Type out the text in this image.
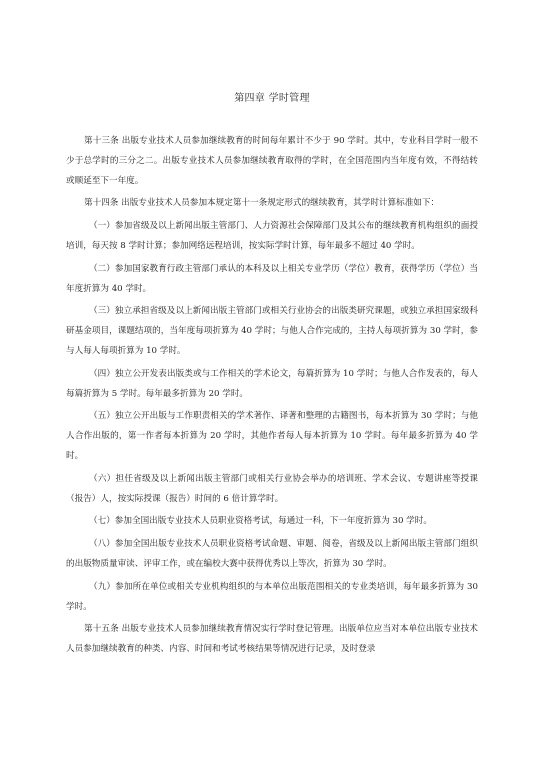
第四章 学时管理

第十三条 出版专业技术人员参加继续教育的时间每年累计不少于 90 学时。其中，专业科目学时一般不少于总学时的三分之二。出版专业技术人员参加继续教育取得的学时，在全国范围内当年度有效，不得结转或顺延至下一年度。

第十四条 出版专业技术人员参加本规定第十一条规定形式的继续教育，其学时计算标准如下：

（一）参加省级及以上新闻出版主管部门、人力资源社会保障部门及其公布的继续教育机构组织的面授培训，每天按 8 学时计算；参加网络远程培训，按实际学时计算，每年最多不超过 40 学时。

（二）参加国家教育行政主管部门承认的本科及以上相关专业学历（学位）教育，获得学历（学位）当年度折算为 40 学时。

（三）独立承担省级及以上新闻出版主管部门或相关行业协会的出版类研究课题，或独立承担国家级科研基金项目，课题结项的，当年度每项折算为 40 学时；与他人合作完成的，主持人每项折算为 30 学时，参与人每人每项折算为 10 学时。

（四）独立公开发表出版类或与工作相关的学术论文，每篇折算为 10 学时；与他人合作发表的，每人每篇折算为 5 学时。每年最多折算为 20 学时。

（五）独立公开出版与工作职责相关的学术著作、译著和整理的古籍图书，每本折算为 30 学时；与他人合作出版的，第一作者每本折算为 20 学时，其他作者每人每本折算为 10 学时。每年最多折算为 40 学时。

（六）担任省级及以上新闻出版主管部门或相关行业协会举办的培训班、学术会议、专题讲座等授课（报告）人，按实际授课（报告）时间的 6 倍计算学时。

（七）参加全国出版专业技术人员职业资格考试，每通过一科，下一年度折算为 30 学时。

（八）参加全国出版专业技术人员职业资格考试命题、审题、阅卷，省级及以上新闻出版主管部门组织的出版物质量审读、评审工作，或在编校大赛中获得优秀以上等次，折算为 30 学时。

（九）参加所在单位或相关专业机构组织的与本单位出版范围相关的专业类培训，每年最多折算为 30 学时。

第十五条 出版专业技术人员参加继续教育情况实行学时登记管理。出版单位应当对本单位出版专业技术人员参加继续教育的种类、内容、时间和考试考核结果等情况进行记录，及时登录
